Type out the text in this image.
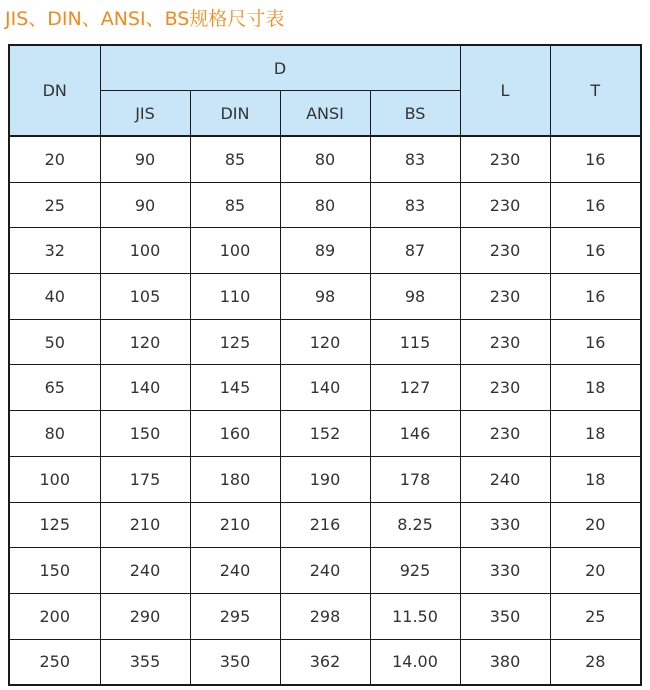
JIS、DIN、ANSI、BS规格尺寸表
DN	D				L	T
	JIS	DIN	ANSI	BS		
20	90	85	80	83	230	16
25	90	85	80	83	230	16
32	100	100	89	87	230	16
40	105	110	98	98	230	16
50	120	125	120	115	230	16
65	140	145	140	127	230	18
80	150	160	152	146	230	18
100	175	180	190	178	240	18
125	210	210	216	8.25	330	20
150	240	240	240	925	330	20
200	290	295	298	11.50	350	25
250	355	350	362	14.00	380	28
